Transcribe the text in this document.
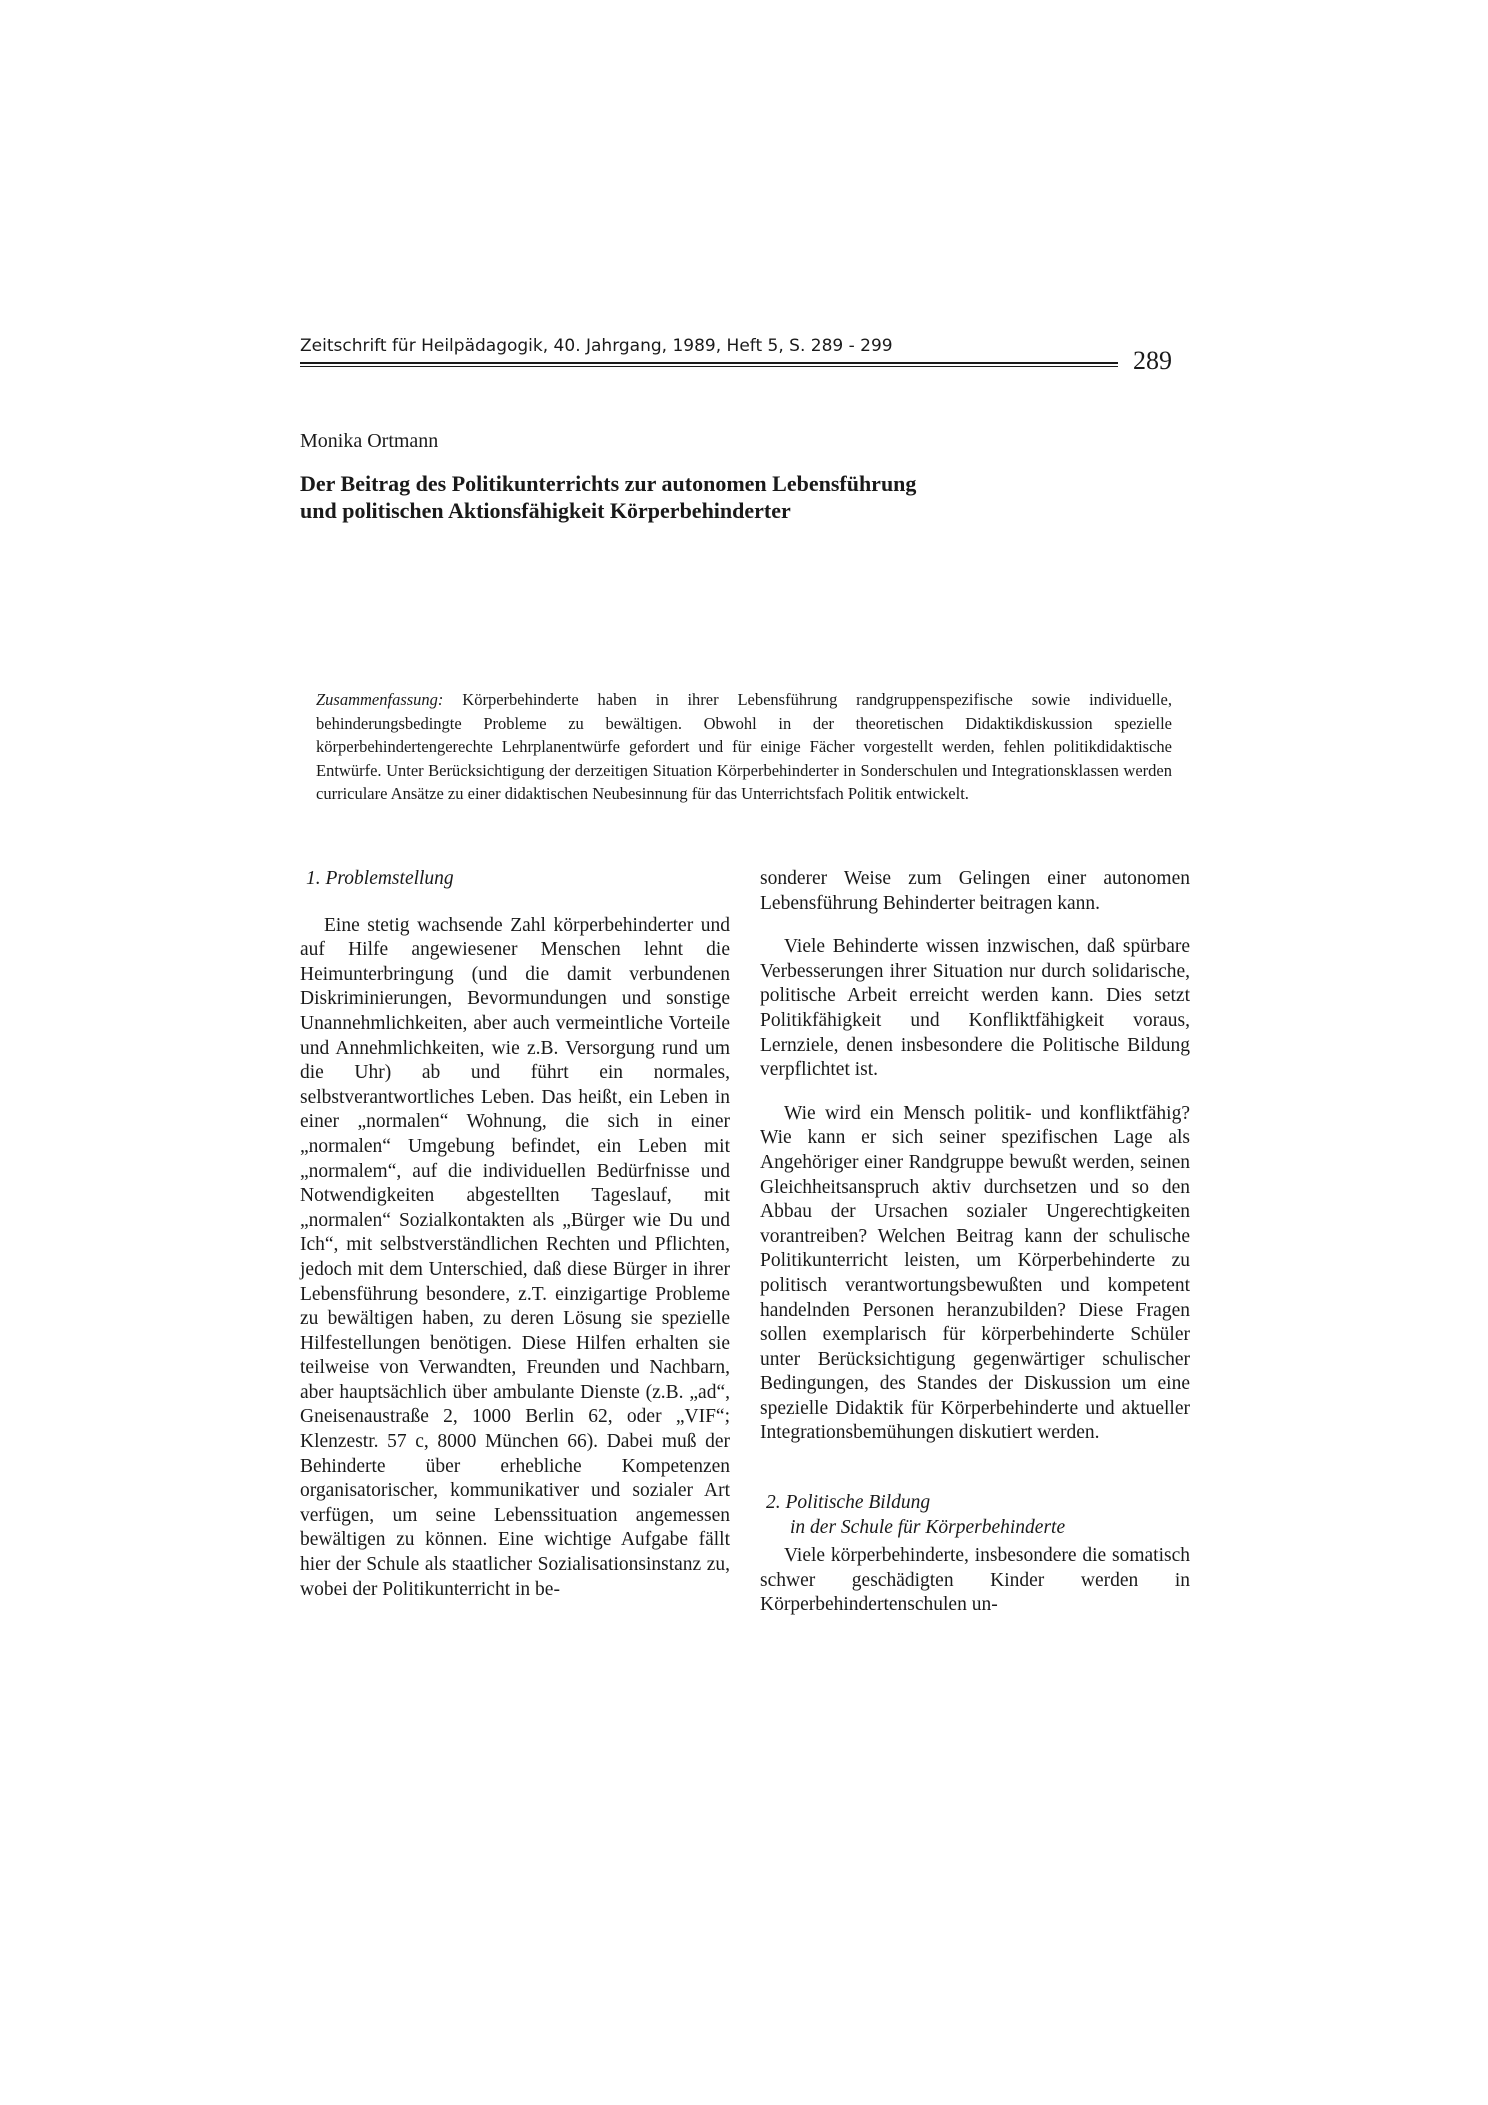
Zeitschrift für Heilpädagogik, 40. Jahrgang, 1989, Heft 5, S. 289 - 299	289
Monika Ortmann
Der Beitrag des Politikunterrichts zur autonomen Lebensführung
und politischen Aktionsfähigkeit Körperbehinderter

Zusammenfassung: Körperbehinderte haben in ihrer Lebensführung randgruppenspezifische sowie individuelle, behinderungsbedingte Probleme zu bewältigen. Obwohl in der theoretischen Didaktikdiskussion spezielle körperbehindertengerechte Lehrplanentwürfe gefordert und für einige Fächer vorgestellt werden, fehlen politikdidaktische Entwürfe. Unter Berücksichtigung der derzeitigen Situation Körperbehinderter in Sonderschulen und Integrationsklassen werden curriculare Ansätze zu einer didaktischen Neubesinnung für das Unterrichtsfach Politik entwickelt.

1. Problemstellung

Eine stetig wachsende Zahl körperbehinderter und auf Hilfe angewiesener Menschen lehnt die Heimunterbringung (und die damit verbundenen Diskriminierungen, Bevormundungen und sonstige Unannehmlichkeiten, aber auch vermeintliche Vorteile und Annehmlichkeiten, wie z.B. Versorgung rund um die Uhr) ab und führt ein normales, selbstverantwortliches Leben. Das heißt, ein Leben in einer „normalen“ Wohnung, die sich in einer „normalen“ Umgebung befindet, ein Leben mit „normalem“, auf die individuellen Bedürfnisse und Notwendigkeiten abgestellten Tageslauf, mit „normalen“ Sozialkontakten als „Bürger wie Du und Ich“, mit selbstverständlichen Rechten und Pflichten, jedoch mit dem Unterschied, daß diese Bürger in ihrer Lebensführung besondere, z.T. einzigartige Probleme zu bewältigen haben, zu deren Lösung sie spezielle Hilfestellungen benötigen. Diese Hilfen erhalten sie teilweise von Verwandten, Freunden und Nachbarn, aber hauptsächlich über ambulante Dienste (z.B. „ad“, Gneisenaustraße 2, 1000 Berlin 62, oder „VIF“; Klenzestr. 57 c, 8000 München 66). Dabei muß der Behinderte über erhebliche Kompetenzen organisatorischer, kommunikativer und sozialer Art verfügen, um seine Lebenssituation angemessen bewältigen zu können. Eine wichtige Aufgabe fällt hier der Schule als staatlicher Sozialisationsinstanz zu, wobei der Politikunterricht in be-

sonderer Weise zum Gelingen einer autonomen Lebensführung Behinderter beitragen kann.

Viele Behinderte wissen inzwischen, daß spürbare Verbesserungen ihrer Situation nur durch solidarische, politische Arbeit erreicht werden kann. Dies setzt Politikfähigkeit und Konfliktfähigkeit voraus, Lernziele, denen insbesondere die Politische Bildung verpflichtet ist.

Wie wird ein Mensch politik- und konfliktfähig? Wie kann er sich seiner spezifischen Lage als Angehöriger einer Randgruppe bewußt werden, seinen Gleichheitsanspruch aktiv durchsetzen und so den Abbau der Ursachen sozialer Ungerechtigkeiten vorantreiben? Welchen Beitrag kann der schulische Politikunterricht leisten, um Körperbehinderte zu politisch verantwortungsbewußten und kompetent handelnden Personen heranzubilden? Diese Fragen sollen exemplarisch für körperbehinderte Schüler unter Berücksichtigung gegenwärtiger schulischer Bedingungen, des Standes der Diskussion um eine spezielle Didaktik für Körperbehinderte und aktueller Integrationsbemühungen diskutiert werden.

2. Politische Bildung
in der Schule für Körperbehinderte

Viele körperbehinderte, insbesondere die somatisch schwer geschädigten Kinder werden in Körperbehindertenschulen un-
